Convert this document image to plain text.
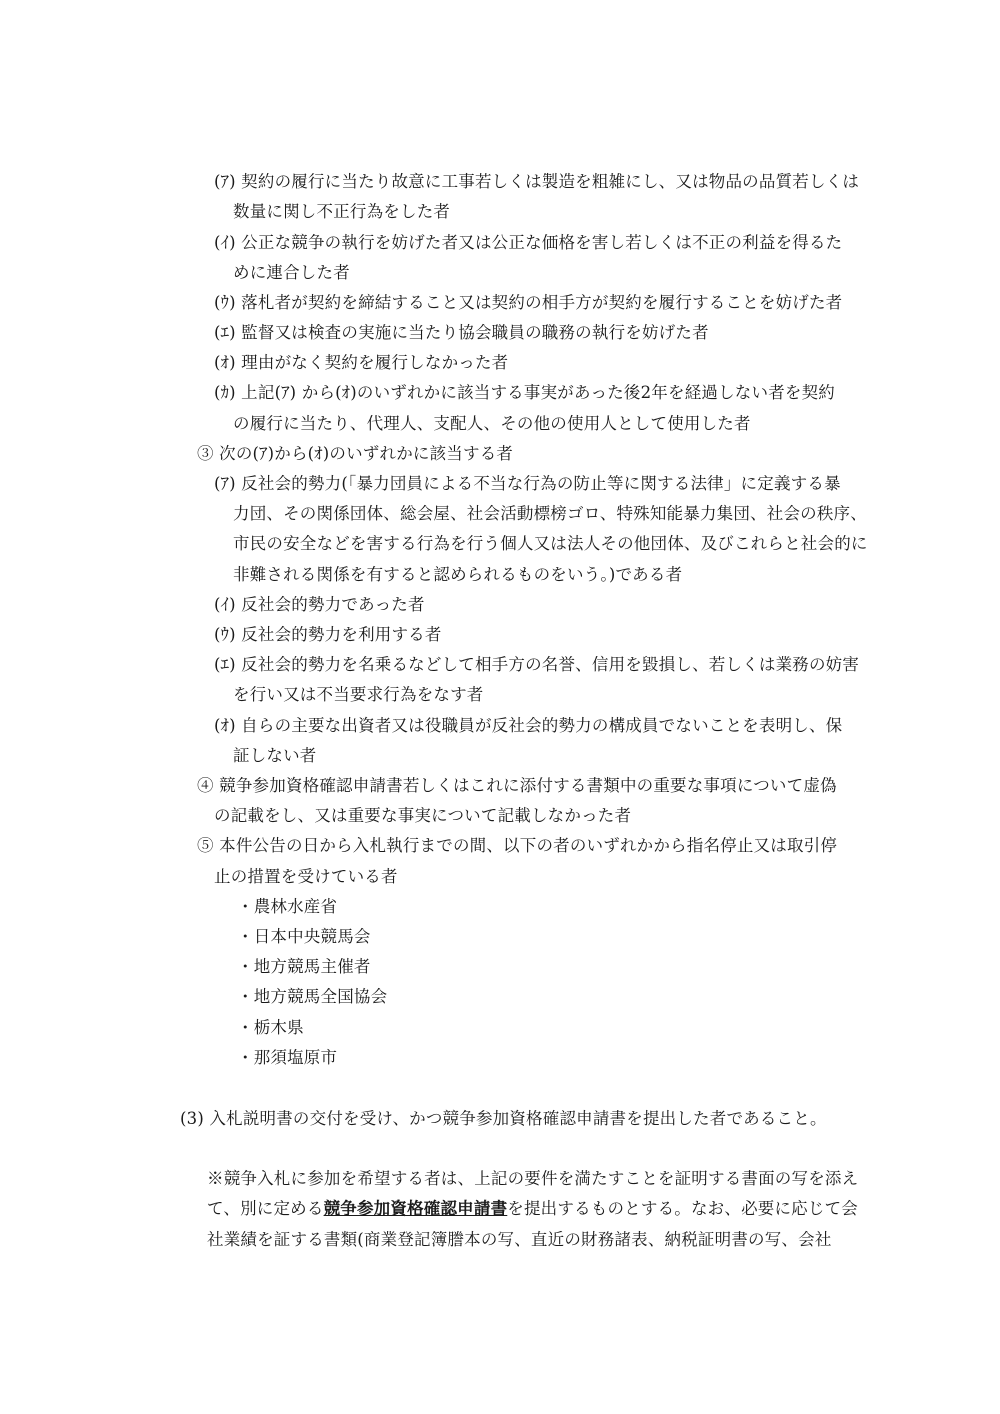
(ｱ) 契約の履行に当たり故意に工事若しくは製造を粗雑にし、又は物品の品質若しくは
数量に関し不正行為をした者
(ｲ) 公正な競争の執行を妨げた者又は公正な価格を害し若しくは不正の利益を得るた
めに連合した者
(ｳ) 落札者が契約を締結すること又は契約の相手方が契約を履行することを妨げた者
(ｴ) 監督又は検査の実施に当たり協会職員の職務の執行を妨げた者
(ｵ) 理由がなく契約を履行しなかった者
(ｶ) 上記(ｱ) から(ｵ)のいずれかに該当する事実があった後2年を経過しない者を契約
の履行に当たり、代理人、支配人、その他の使用人として使用した者
③ 次の(ｱ)から(ｵ)のいずれかに該当する者
(ｱ) 反社会的勢力(「暴力団員による不当な行為の防止等に関する法律」に定義する暴
力団、その関係団体、総会屋、社会活動標榜ゴロ、特殊知能暴力集団、社会の秩序、
市民の安全などを害する行為を行う個人又は法人その他団体、及びこれらと社会的に
非難される関係を有すると認められるものをいう。)である者
(ｲ) 反社会的勢力であった者
(ｳ) 反社会的勢力を利用する者
(ｴ) 反社会的勢力を名乗るなどして相手方の名誉、信用を毀損し、若しくは業務の妨害
を行い又は不当要求行為をなす者
(ｵ) 自らの主要な出資者又は役職員が反社会的勢力の構成員でないことを表明し、保
証しない者
④ 競争参加資格確認申請書若しくはこれに添付する書類中の重要な事項について虚偽
の記載をし、又は重要な事実について記載しなかった者
⑤ 本件公告の日から入札執行までの間、以下の者のいずれかから指名停止又は取引停
止の措置を受けている者
・農林水産省
・日本中央競馬会
・地方競馬主催者
・地方競馬全国協会
・栃木県
・那須塩原市
(3) 入札説明書の交付を受け、かつ競争参加資格確認申請書を提出した者であること。
※競争入札に参加を希望する者は、上記の要件を満たすことを証明する書面の写を添え
て、別に定める競争参加資格確認申請書を提出するものとする。なお、必要に応じて会
社業績を証する書類(商業登記簿謄本の写、直近の財務諸表、納税証明書の写、会社
